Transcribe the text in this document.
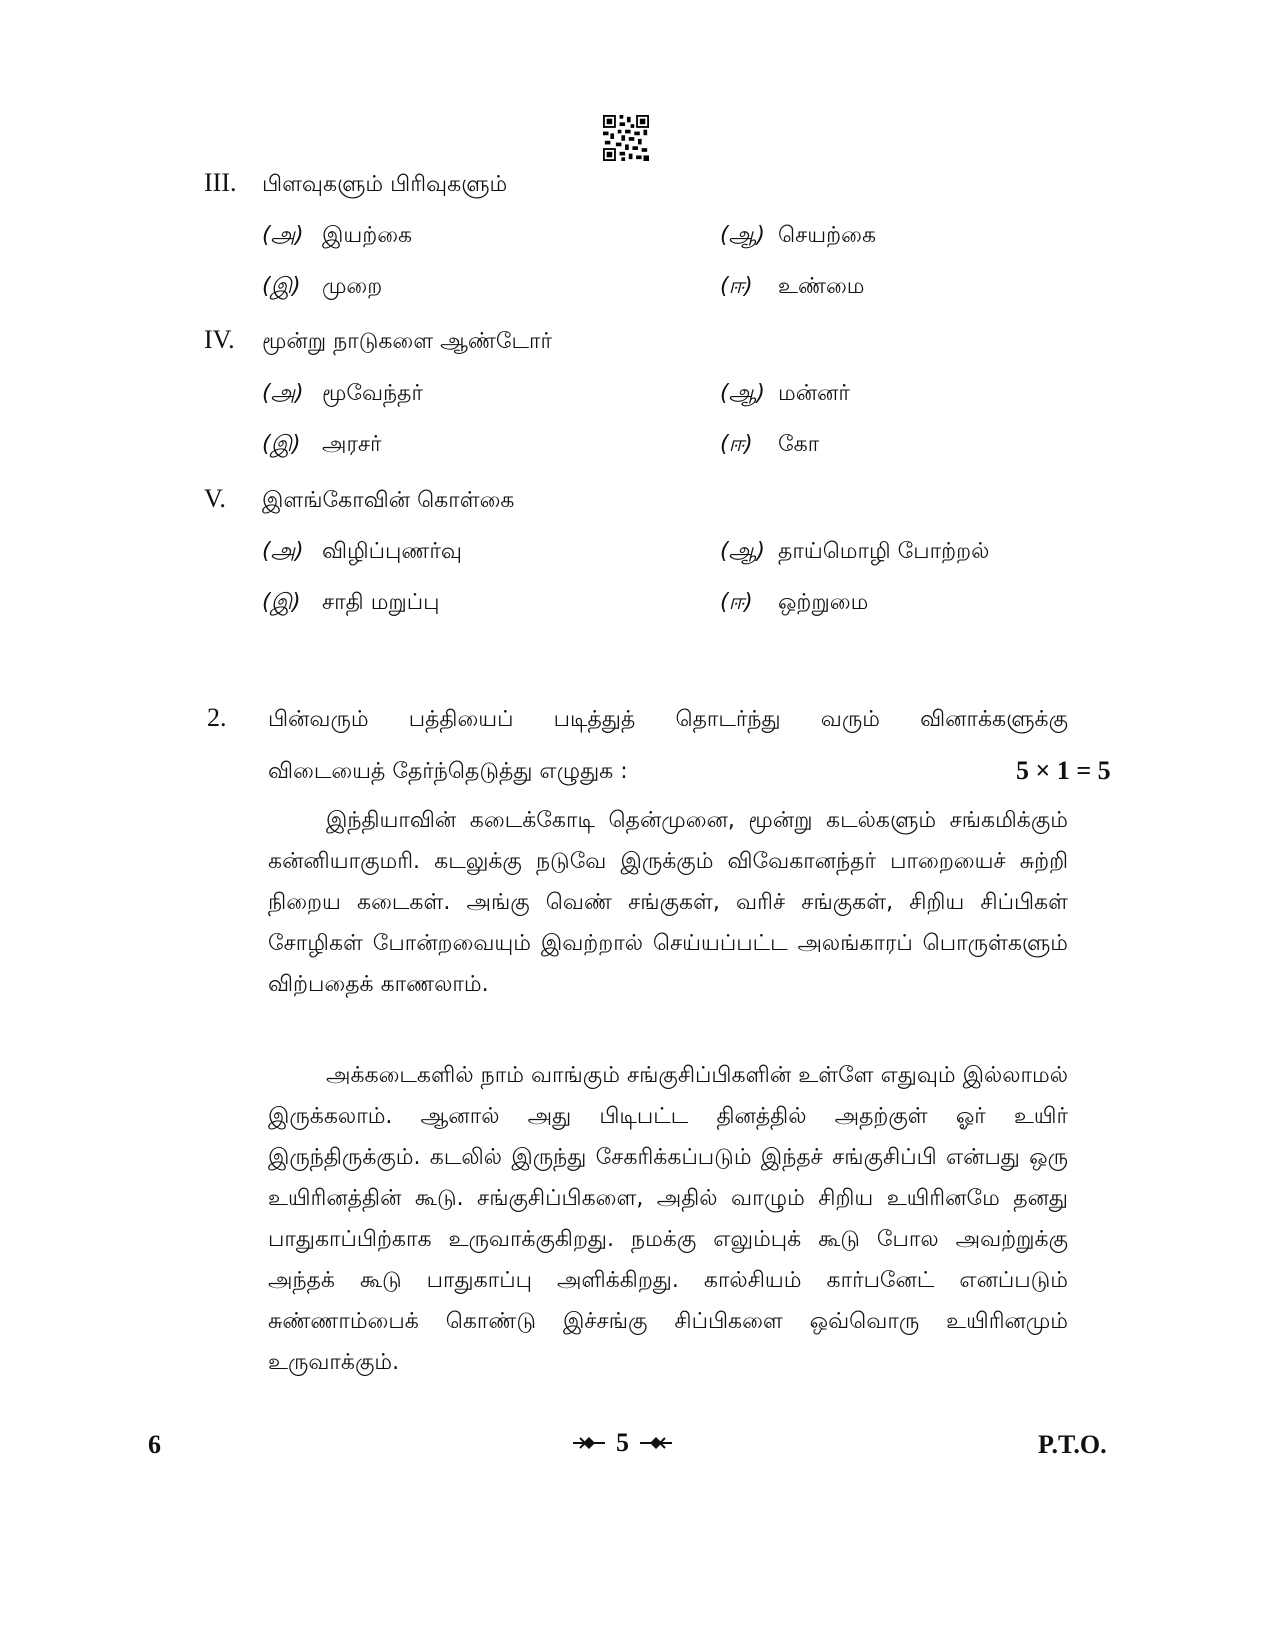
III. பிளவுகளும் பிரிவுகளும்
(அ) இயற்கை	(ஆ) செயற்கை
(இ) முறை	(ஈ) உண்மை
IV. மூன்று நாடுகளை ஆண்டோர்
(அ) மூவேந்தர்	(ஆ) மன்னர்
(இ) அரசர்	(ஈ) கோ
V. இளங்கோவின் கொள்கை
(அ) விழிப்புணர்வு	(ஆ) தாய்மொழி போற்றல்
(இ) சாதி மறுப்பு	(ஈ) ஒற்றுமை
2. பின்வரும் பத்தியைப் படித்துத் தொடர்ந்து வரும் வினாக்களுக்கு
விடையைத் தேர்ந்தெடுத்து எழுதுக :	5 × 1 = 5
இந்தியாவின் கடைக்கோடி தென்முனை, மூன்று கடல்களும் சங்கமிக்கும் கன்னியாகுமரி. கடலுக்கு நடுவே இருக்கும் விவேகானந்தர் பாறையைச் சுற்றி நிறைய கடைகள். அங்கு வெண் சங்குகள், வரிச் சங்குகள், சிறிய சிப்பிகள் சோழிகள் போன்றவையும் இவற்றால் செய்யப்பட்ட அலங்காரப் பொருள்களும் விற்பதைக் காணலாம்.
அக்கடைகளில் நாம் வாங்கும் சங்குசிப்பிகளின் உள்ளே எதுவும் இல்லாமல் இருக்கலாம். ஆனால் அது பிடிபட்ட தினத்தில் அதற்குள் ஓர் உயிர் இருந்திருக்கும். கடலில் இருந்து சேகரிக்கப்படும் இந்தச் சங்குசிப்பி என்பது ஒரு உயிரினத்தின் கூடு. சங்குசிப்பிகளை, அதில் வாழும் சிறிய உயிரினமே தனது பாதுகாப்பிற்காக உருவாக்குகிறது. நமக்கு எலும்புக் கூடு போல அவற்றுக்கு அந்தக் கூடு பாதுகாப்பு அளிக்கிறது. கால்சியம் கார்பனேட் எனப்படும் சுண்ணாம்பைக் கொண்டு இச்சங்கு சிப்பிகளை ஒவ்வொரு உயிரினமும் உருவாக்கும்.
6	5	P.T.O.
